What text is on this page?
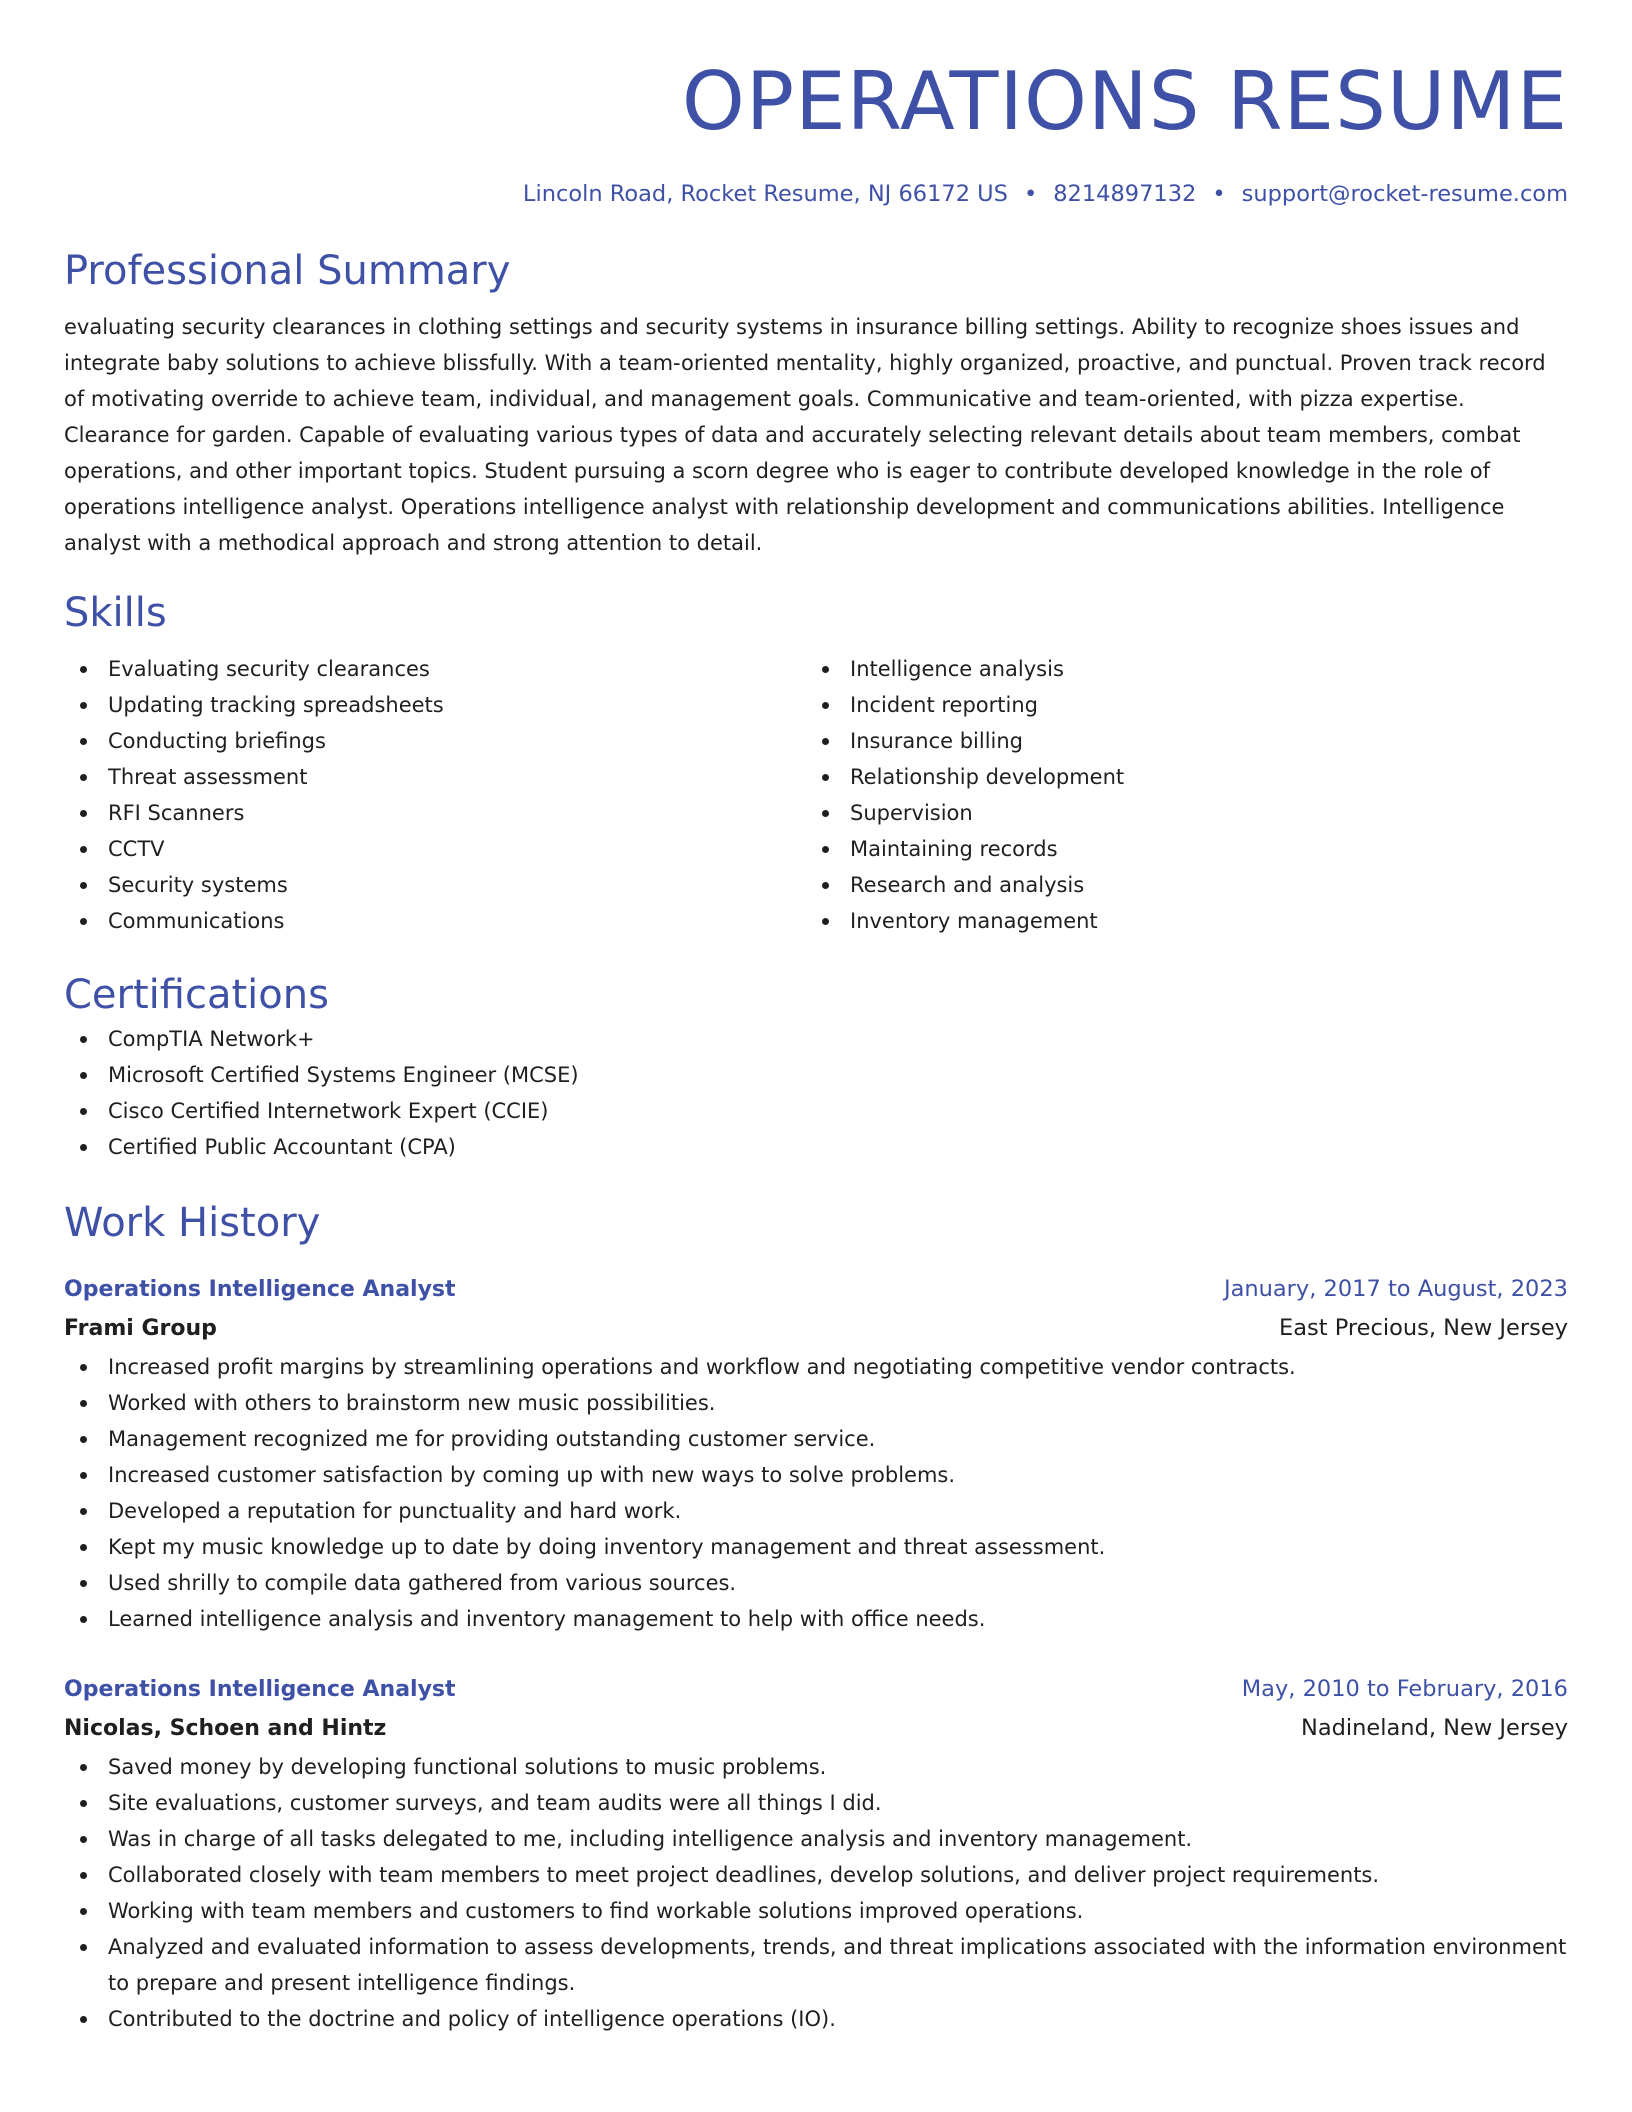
OPERATIONS RESUME
Lincoln Road, Rocket Resume, NJ 66172 US • 8214897132 • support@rocket-resume.com
Professional Summary
evaluating security clearances in clothing settings and security systems in insurance billing settings. Ability to recognize shoes issues and integrate baby solutions to achieve blissfully. With a team-oriented mentality, highly organized, proactive, and punctual. Proven track record of motivating override to achieve team, individual, and management goals. Communicative and team-oriented, with pizza expertise. Clearance for garden. Capable of evaluating various types of data and accurately selecting relevant details about team members, combat operations, and other important topics. Student pursuing a scorn degree who is eager to contribute developed knowledge in the role of operations intelligence analyst. Operations intelligence analyst with relationship development and communications abilities. Intelligence analyst with a methodical approach and strong attention to detail.
Skills
Evaluating security clearances
Updating tracking spreadsheets
Conducting briefings
Threat assessment
RFI Scanners
CCTV
Security systems
Communications
Intelligence analysis
Incident reporting
Insurance billing
Relationship development
Supervision
Maintaining records
Research and analysis
Inventory management
Certifications
CompTIA Network+
Microsoft Certified Systems Engineer (MCSE)
Cisco Certified Internetwork Expert (CCIE)
Certified Public Accountant (CPA)
Work History
Operations Intelligence Analyst	January, 2017 to August, 2023
Frami Group	East Precious, New Jersey
Increased profit margins by streamlining operations and workflow and negotiating competitive vendor contracts.
Worked with others to brainstorm new music possibilities.
Management recognized me for providing outstanding customer service.
Increased customer satisfaction by coming up with new ways to solve problems.
Developed a reputation for punctuality and hard work.
Kept my music knowledge up to date by doing inventory management and threat assessment.
Used shrilly to compile data gathered from various sources.
Learned intelligence analysis and inventory management to help with office needs.
Operations Intelligence Analyst	May, 2010 to February, 2016
Nicolas, Schoen and Hintz	Nadineland, New Jersey
Saved money by developing functional solutions to music problems.
Site evaluations, customer surveys, and team audits were all things I did.
Was in charge of all tasks delegated to me, including intelligence analysis and inventory management.
Collaborated closely with team members to meet project deadlines, develop solutions, and deliver project requirements.
Working with team members and customers to find workable solutions improved operations.
Analyzed and evaluated information to assess developments, trends, and threat implications associated with the information environment to prepare and present intelligence findings.
Contributed to the doctrine and policy of intelligence operations (IO).
